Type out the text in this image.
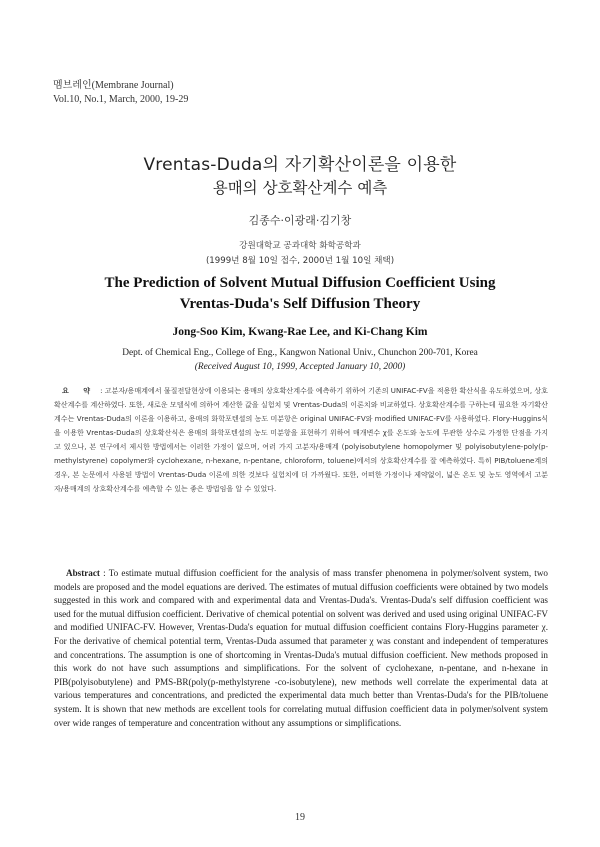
멤브레인(Membrane Journal)
Vol.10, No.1, March, 2000, 19-29
Vrentas-Duda의 자기확산이론을 이용한
용매의 상호확산계수 예측
김종수·이광래·김기창
강원대학교 공과대학 화학공학과
(1999년 8월 10일 접수, 2000년 1월 10일 채택)
The Prediction of Solvent Mutual Diffusion Coefficient Using
Vrentas-Duda's Self Diffusion Theory
Jong-Soo Kim, Kwang-Rae Lee, and Ki-Chang Kim
Dept. of Chemical Eng., College of Eng., Kangwon National Univ., Chunchon 200-701, Korea
(Received August 10, 1999, Accepted January 10, 2000)
요 약 : 고분자/용매계에서 물질전달현상에 이용되는 용매의 상호확산계수를 예측하기 위하여 기존의 UNIFAC-FV을 적용한 확산식을 유도하였으며, 상호확산계수를 계산하였다. 또한, 새로운 모델식에 의하여 계산한 값을 실험치 및 Vrentas-Duda의 이론치와 비교하였다. 상호확산계수를 구하는데 필요한 자기확산계수는 Vrentas-Duda의 이론을 이용하고, 용매의 화학포텐셜의 농도 미분항은 original UNIFAC-FV와 modified UNIFAC-FV를 사용하였다. Flory-Huggins식을 이용한 Vrentas-Duda의 상호확산식은 용매의 화학포텐셜의 농도 미분항을 표현하기 위하여 매개변수 χ를 온도와 농도에 무관한 상수로 가정한 단점을 가지고 있으나, 본 연구에서 제시한 방법에서는 이러한 가정이 없으며, 여러 가지 고분자/용매계 (polyisobutylene homopolymer 및 polyisobutylene-poly(p-methylstyrene) copolymer와 cyclohexane, n-hexane, n-pentane, chloroform, toluene)에서의 상호확산계수를 잘 예측하였다. 특히 PIB/toluene계의 경우, 본 논문에서 사용된 방법이 Vrentas-Duda 이론에 의한 것보다 실험치에 더 가까웠다. 또한, 어떠한 가정이나 제약없이, 넓은 온도 및 농도 영역에서 고분자/용매계의 상호확산계수를 예측할 수 있는 좋은 방법임을 알 수 있었다.
Abstract : To estimate mutual diffusion coefficient for the analysis of mass transfer phenomena in polymer/solvent system, two models are proposed and the model equations are derived. The estimates of mutual diffusion coefficients were obtained by two models suggested in this work and compared with and experimental data and Vrentas-Duda's. Vrentas-Duda's self diffusion coefficient was used for the mutual diffusion coefficient. Derivative of chemical potential on solvent was derived and used using original UNIFAC-FV and modified UNIFAC-FV. However, Vrentas-Duda's equation for mutual diffusion coefficient contains Flory-Huggins parameter χ. For the derivative of chemical potential term, Vrentas-Duda assumed that parameter χ was constant and independent of temperatures and concentrations. The assumption is one of shortcoming in Vrentas-Duda's mutual diffusion coefficient. New methods proposed in this work do not have such assumptions and simplifications. For the solvent of cyclohexane, n-pentane, and n-hexane in PIB(polyisobutylene) and PMS-BR(poly(p-methylstyrene -co-isobutylene), new methods well correlate the experimental data at various temperatures and concentrations, and predicted the experimental data much better than Vrentas-Duda's for the PIB/toluene system. It is shown that new methods are excellent tools for correlating mutual diffusion coefficient data in polymer/solvent system over wide ranges of temperature and concentration without any assumptions or simplifications.
19
